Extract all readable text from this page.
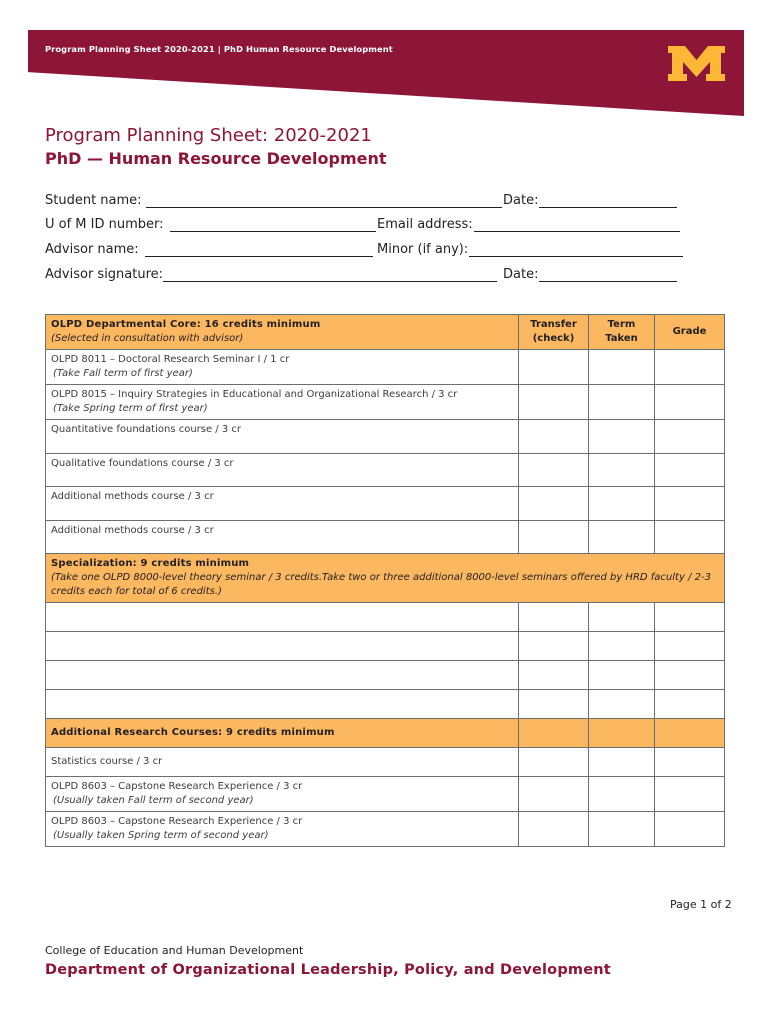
Program Planning Sheet 2020-2021 | PhD Human Resource Development
Program Planning Sheet: 2020-2021
PhD — Human Resource Development
Student name:	Date:
U of M ID number:	Email address:
Advisor name:	Minor (if any):
Advisor signature:	Date:
OLPD Departmental Core: 16 credits minimum
(Selected in consultation with advisor)	Transfer (check)	Term Taken	Grade

OLPD 8011 – Doctoral Research Seminar I / 1 cr
(Take Fall term of first year)			

OLPD 8015 – Inquiry Strategies in Educational and Organizational Research / 3 cr
(Take Spring term of first year)			

Quantitative foundations course / 3 cr			

Qualitative foundations course / 3 cr			

Additional methods course / 3 cr			

Additional methods course / 3 cr			

Specialization: 9 credits minimum
(Take one OLPD 8000-level theory seminar / 3 credits.Take two or three additional 8000-level seminars offered by HRD faculty / 2-3 credits each for total of 6 credits.)			

Additional Research Courses: 9 credits minimum			

Statistics course / 3 cr			

OLPD 8603 – Capstone Research Experience / 3 cr
(Usually taken Fall term of second year)			

OLPD 8603 – Capstone Research Experience / 3 cr
(Usually taken Spring term of second year)			

Page 1 of 2
College of Education and Human Development
Department of Organizational Leadership, Policy, and Development
